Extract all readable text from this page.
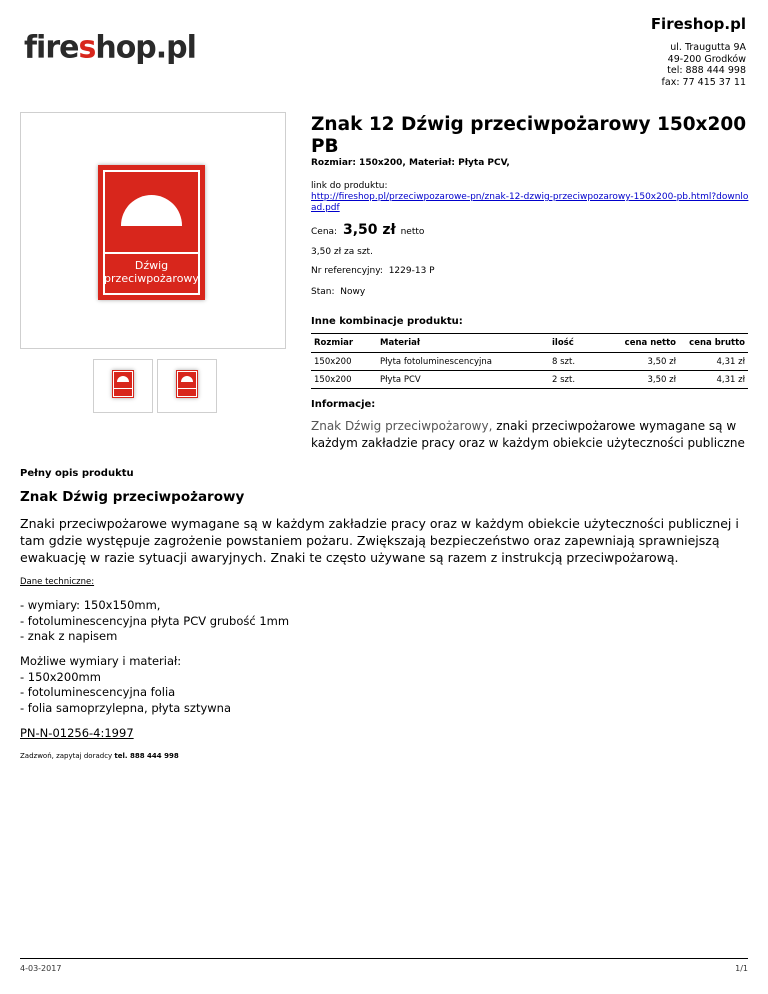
fireshop.pl
Fireshop.pl
ul. Traugutta 9A
49-200 Grodków
tel: 888 444 998
fax: 77 415 37 11
Dźwig
przeciwpożarowy
Znak 12 Dźwig przeciwpożarowy 150x200 PB
Rozmiar: 150x200, Materiał: Płyta PCV,
link do produktu:
http://fireshop.pl/przeciwpozarowe-pn/znak-12-dzwig-przeciwpozarowy-150x200-pb.html?download.pdf
Cena: 3,50 zł netto
3,50 zł za szt.
Nr referencyjny: 1229-13 P
Stan: Nowy
Inne kombinacje produktu:
Rozmiar	Materiał	ilość	cena netto	cena brutto
150x200	Płyta fotoluminescencyjna	8 szt.	3,50 zł	4,31 zł
150x200	Płyta PCV	2 szt.	3,50 zł	4,31 zł
Informacje:
Znak Dźwig przeciwpożarowy, znaki przeciwpożarowe wymagane są w każdym zakładzie pracy oraz w każdym obiekcie użyteczności publiczne
Pełny opis produktu
Znak Dźwig przeciwpożarowy
Znaki przeciwpożarowe wymagane są w każdym zakładzie pracy oraz w każdym obiekcie użyteczności publicznej i tam gdzie występuje zagrożenie powstaniem pożaru. Zwiększają bezpieczeństwo oraz zapewniają sprawniejszą ewakuację w razie sytuacji awaryjnych. Znaki te często używane są razem z instrukcją przeciwpożarową.
Dane techniczne:
- wymiary: 150x150mm,
- fotoluminescencyjna płyta PCV grubość 1mm
- znak z napisem
Możliwe wymiary i materiał:
- 150x200mm
- fotoluminescencyjna folia
- folia samoprzylepna, płyta sztywna
PN-N-01256-4:1997
Zadzwoń, zapytaj doradcy tel. 888 444 998
4-03-2017	1/1
